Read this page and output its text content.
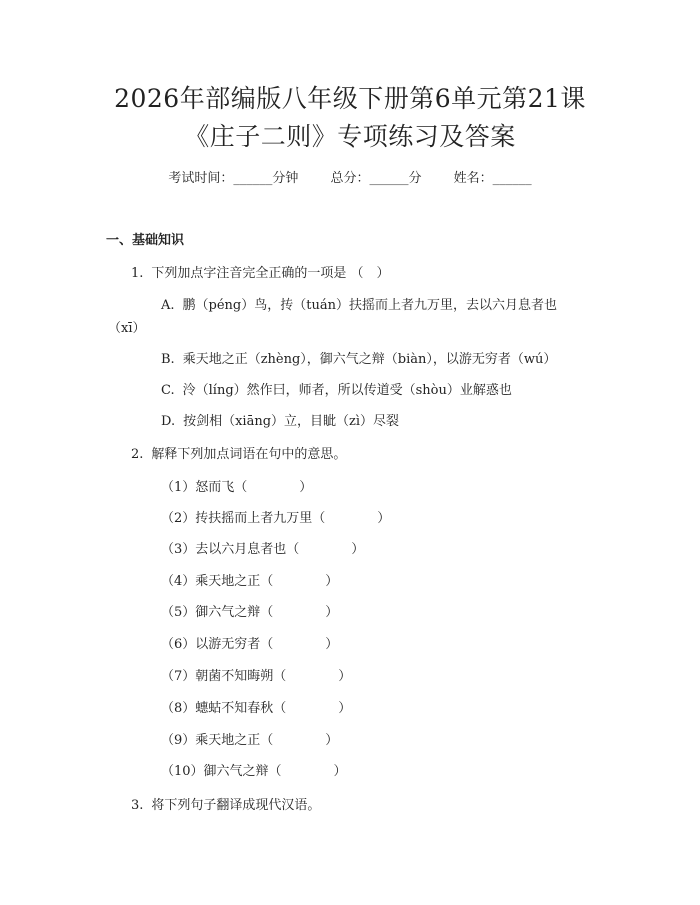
2026年部编版八年级下册第6单元第21课
《庄子二则》专项练习及答案
考试时间：______分钟 总分：______分 姓名：______
一、基础知识
1. 下列加点字注音完全正确的一项是 （　）
A. 鹏（péng）鸟，抟（tuán）扶摇而上者九万里，去以六月息者也
（xī）
B. 乘天地之正（zhèng），御六气之辩（biàn），以游无穷者（wú）
C. 泠（líng）然作曰，师者，所以传道受（shòu）业解惑也
D. 按剑相（xiāng）立，目眦（zì）尽裂
2. 解释下列加点词语在句中的意思。
（1）怒而飞（　　　　）
（2）抟扶摇而上者九万里（　　　　）
（3）去以六月息者也（　　　　）
（4）乘天地之正（　　　　）
（5）御六气之辩（　　　　）
（6）以游无穷者（　　　　）
（7）朝菌不知晦朔（　　　　）
（8）蟪蛄不知春秋（　　　　）
（9）乘天地之正（　　　　）
（10）御六气之辩（　　　　）
3. 将下列句子翻译成现代汉语。
